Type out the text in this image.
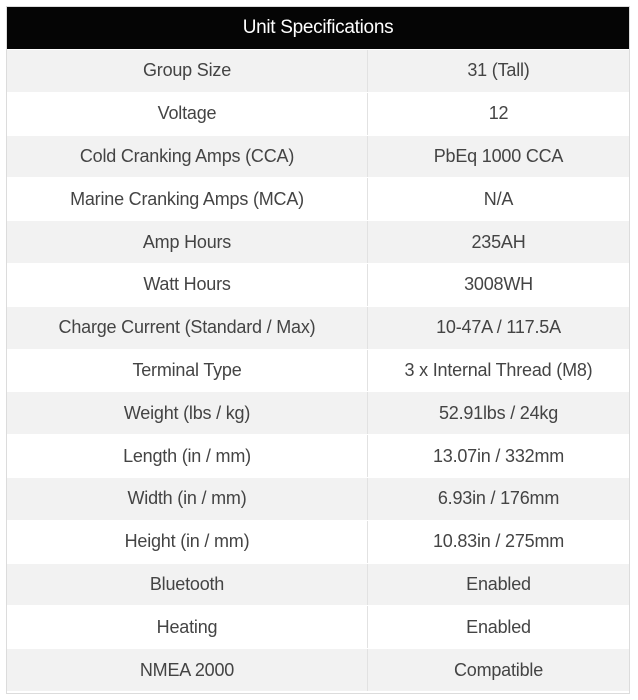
Unit Specifications
Group Size	31 (Tall)
Voltage	12
Cold Cranking Amps (CCA)	PbEq 1000 CCA
Marine Cranking Amps (MCA)	N/A
Amp Hours	235AH
Watt Hours	3008WH
Charge Current (Standard / Max)	10-47A / 117.5A
Terminal Type	3 x Internal Thread (M8)
Weight (lbs / kg)	52.91lbs / 24kg
Length (in / mm)	13.07in / 332mm
Width (in / mm)	6.93in / 176mm
Height (in / mm)	10.83in / 275mm
Bluetooth	Enabled
Heating	Enabled
NMEA 2000	Compatible
